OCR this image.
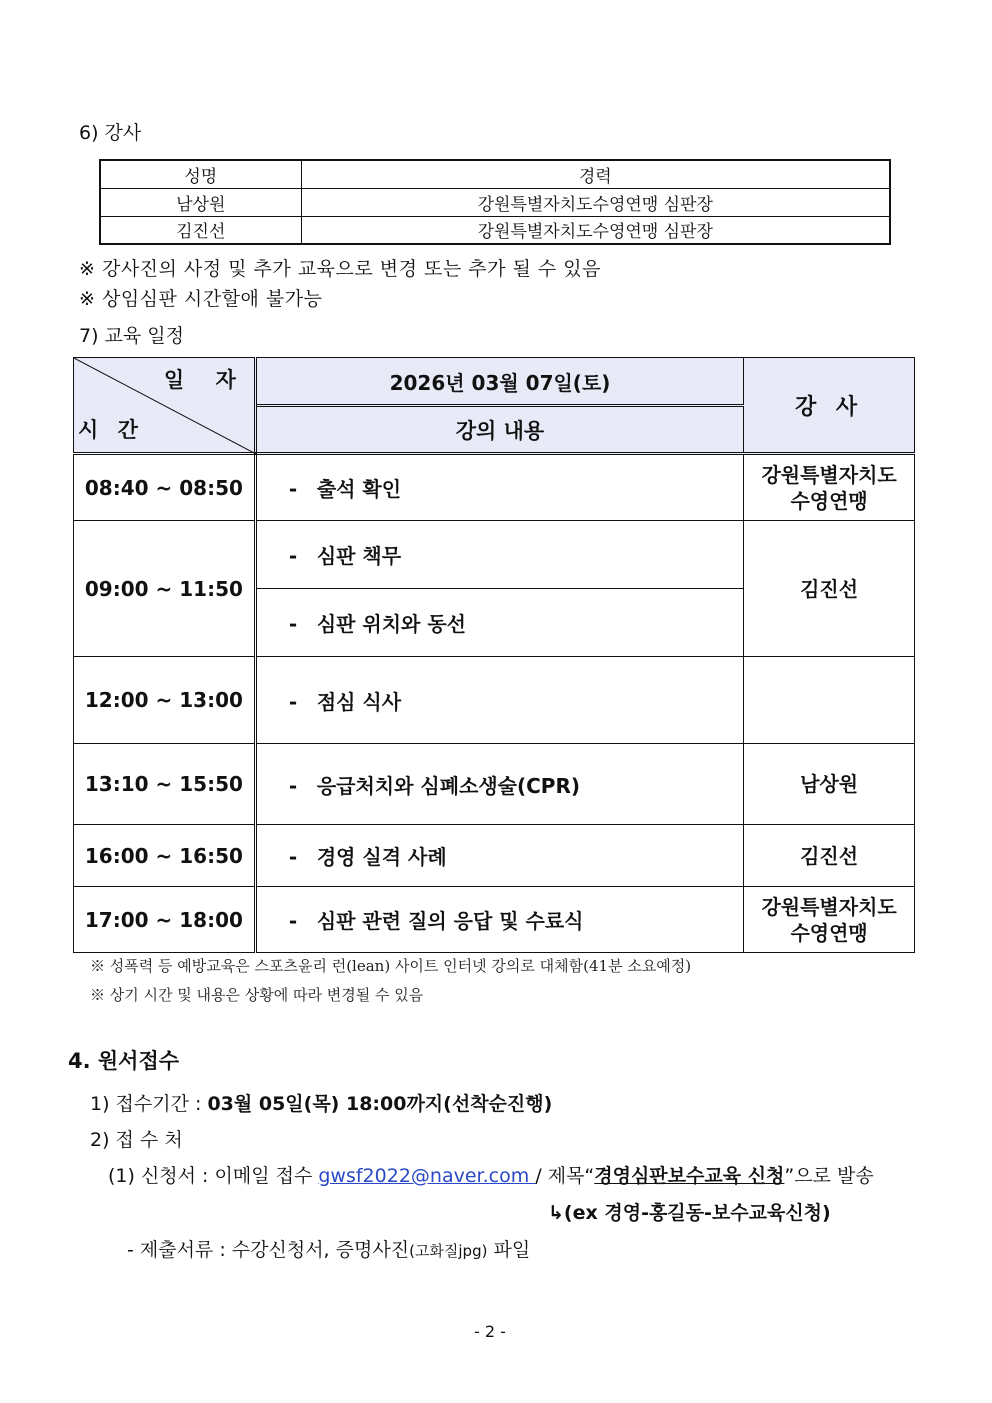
6) 강사
성명	경력
남상원	강원특별자치도수영연맹 심판장
김진선	강원특별자치도수영연맹 심판장
※ 강사진의 사정 및 추가 교육으로 변경 또는 추가 될 수 있음
※ 상임심판 시간할애 불가능
7) 교육 일정
일 자
시 간	2026년 03월 07일(토)	강 사
	강의 내용	
08:40 ~ 08:50	- 출석 확인	강원특별자치도
수영연맹

09:00 ~ 11:50	- 심판 책무	김진선
	- 심판 위치와 동선	
12:00 ~ 13:00	- 점심 식사	
13:10 ~ 15:50	- 응급처치와 심폐소생술(CPR)	남상원
16:00 ~ 16:50	- 경영 실격 사례	김진선
17:00 ~ 18:00	- 심판 관련 질의 응답 및 수료식	강원특별자치도
수영연맹
※ 성폭력 등 예방교육은 스포츠윤리 런(lean) 사이트 인터넷 강의로 대체함(41분 소요예정)
※ 상기 시간 및 내용은 상황에 따라 변경될 수 있음
4. 원서접수
1) 접수기간 : 03월 05일(목) 18:00까지(선착순진행)
2) 접 수 처
(1) 신청서 : 이메일 접수 gwsf2022@naver.com / 제목“경영심판보수교육 신청”으로 발송
↳(ex 경영-홍길동-보수교육신청)
- 제출서류 : 수강신청서, 증명사진(고화질jpg) 파일
- 2 -
